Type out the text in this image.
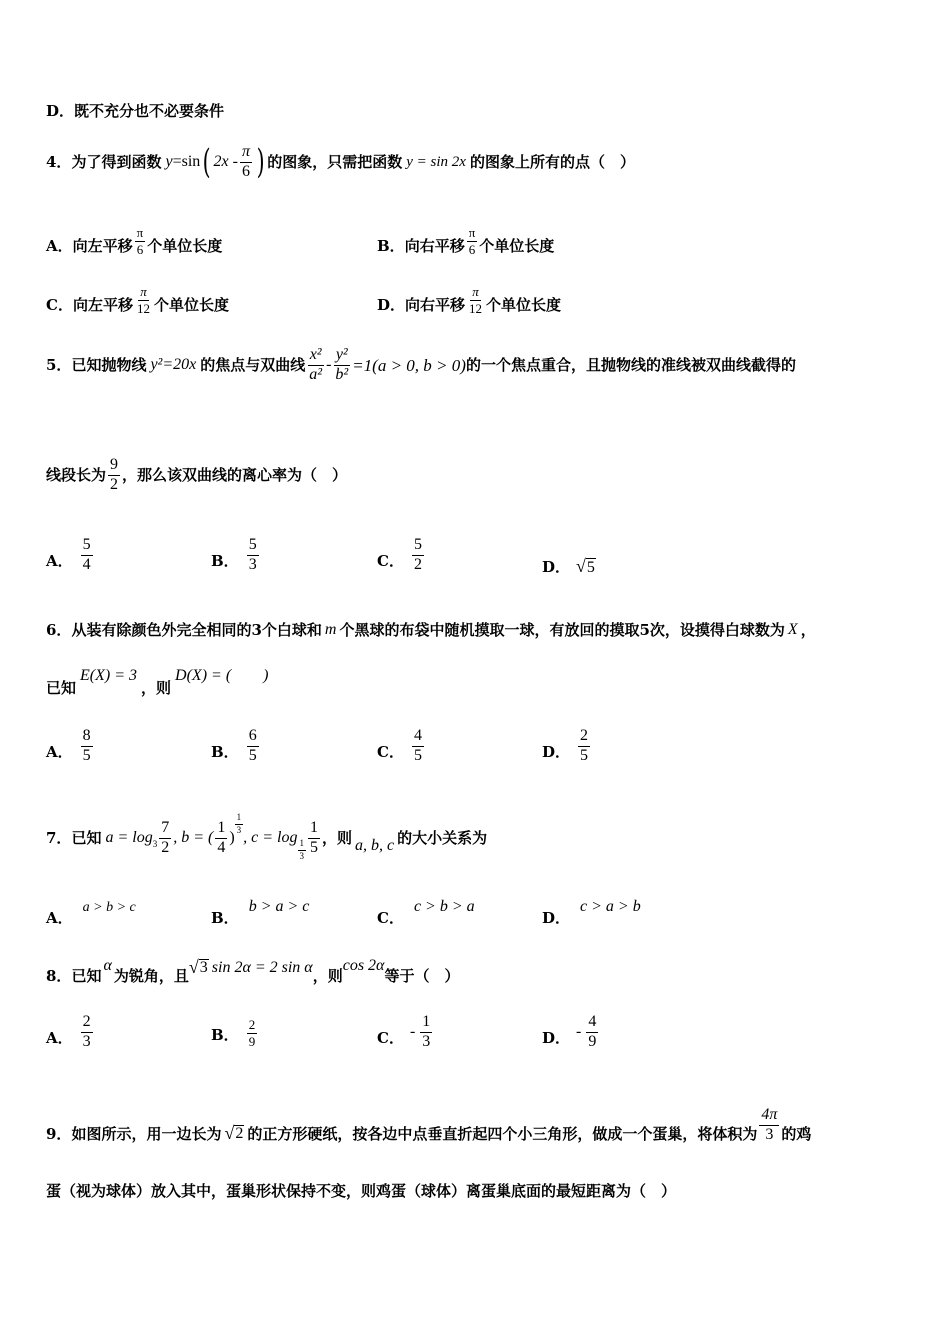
D．既不充分也不必要条件
4． 为了得到函数 y =sin ( $2x - \frac{\pi}{6}$ ) 的图象，只需把函数 y = sin 2x 的图象上所有的点（　）
A． 向左平移 $\frac{\pi}{6}$ 个单位长度	B． 向右平移 $\frac{\pi}{6}$ 个单位长度
C． 向左平移 $\frac{\pi}{12}$ 个单位长度	D． 向右平移 $\frac{\pi}{12}$ 个单位长度
5． 已知抛物线 y²=20x 的焦点与双曲线 $\frac{\text{x²}}{\text{a²}} - \frac{\text{y²}}{\text{b²}} =1(a > 0$, b > 0) 的一个焦点重合，且抛物线的准线被双曲线截得的
线段长为 $\frac{9}{2}$ ，那么该双曲线的离心率为（　）
A． $\frac{5}{4}$	B． $\frac{5}{3}$	C． $\frac{5}{2}$	D． √ 5
6． 从装有除颜色外完全相同的3个白球和 m 个黑球的布袋中随机摸取一球，有放回的摸取5次，设摸得白球数为 X ，
已知
E(X) = 3
，则
D(X) = (　　)
A． $\frac{8}{5}$	B． $\frac{6}{5}$	C． $\frac{4}{5}$	D． $\frac{2}{5}$
7． 已知 $a = \log 3 \frac{7}{2}$ , b = ( $\frac{1}{4}$ )
$\frac{1}{3}$
, c = log
$\frac{1}{3} \frac{1}{5}$ ，则 a, b, c 的大小关系为
A．
a > b > c
B．
b > a > c
C．
c > b > a
D．
c > a > b
8． 已知
α
为锐角，且 √ 3 sin 2α = 2 sin α ，则
cos 2α
等于（　）
A． $\frac{2}{3}$	B． $\frac{2}{9}$	C． - $\frac{1}{3}$	D． - $\frac{4}{9}$
9． 如图所示，用一边长为 √ 2 的正方形硬纸，按各边中点垂直折起四个小三角形，做成一个蛋巢，将体积为 $\frac{4\pi}{3}$ 的鸡
蛋（视为球体）放入其中，蛋巢形状保持不变，则鸡蛋（球体）离蛋巢底面的最短距离为（　）
